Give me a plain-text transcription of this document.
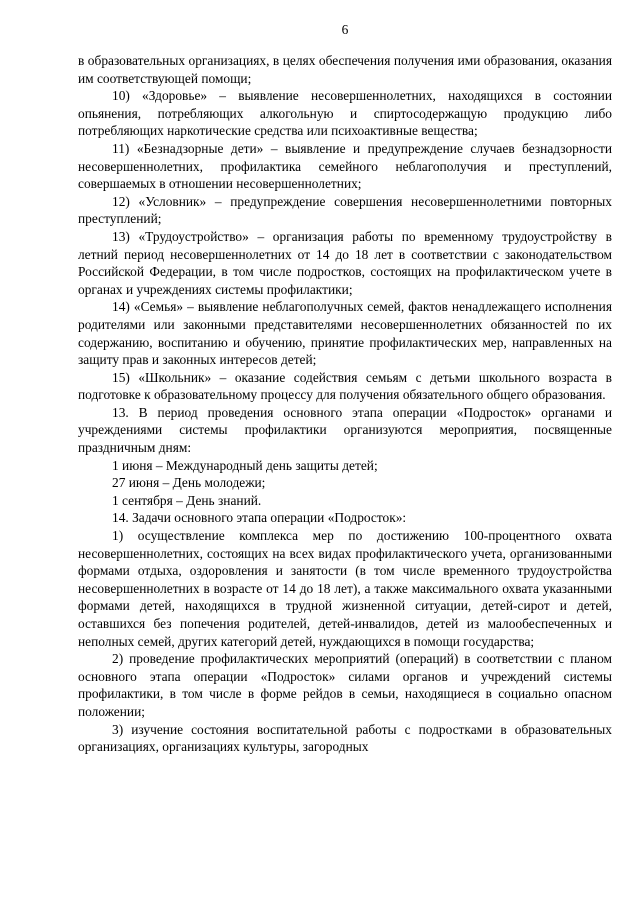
6

в образовательных организациях, в целях обеспечения получения ими образования, оказания им соответствующей помощи;

10) «Здоровье» – выявление несовершеннолетних, находящихся в состоянии опьянения, потребляющих алкогольную и спиртосодержащую продукцию либо потребляющих наркотические средства или психоактивные вещества;

11) «Безнадзорные дети» – выявление и предупреждение случаев безнадзорности несовершеннолетних, профилактика семейного неблагополучия и преступлений, совершаемых в отношении несовершеннолетних;

12) «Условник» – предупреждение совершения несовершеннолетними повторных преступлений;

13) «Трудоустройство» – организация работы по временному трудоустройству в летний период несовершеннолетних от 14 до 18 лет в соответствии с законодательством Российской Федерации, в том числе подростков, состоящих на профилактическом учете в органах и учреждениях системы профилактики;

14) «Семья» – выявление неблагополучных семей, фактов ненадлежащего исполнения родителями или законными представителями несовершеннолетних обязанностей по их содержанию, воспитанию и обучению, принятие профилактических мер, направленных на защиту прав и законных интересов детей;

15) «Школьник» – оказание содействия семьям с детьми школьного возраста в подготовке к образовательному процессу для получения обязательного общего образования.

13. В период проведения основного этапа операции «Подросток» органами и учреждениями системы профилактики организуются мероприятия, посвященные праздничным дням:

1 июня – Международный день защиты детей;

27 июня – День молодежи;

1 сентября – День знаний.

14. Задачи основного этапа операции «Подросток»:

1) осуществление комплекса мер по достижению 100-процентного охвата несовершеннолетних, состоящих на всех видах профилактического учета, организованными формами отдыха, оздоровления и занятости (в том числе временного трудоустройства несовершеннолетних в возрасте от 14 до 18 лет), а также максимального охвата указанными формами детей, находящихся в трудной жизненной ситуации, детей-сирот и детей, оставшихся без попечения родителей, детей-инвалидов, детей из малообеспеченных и неполных семей, других категорий детей, нуждающихся в помощи государства;

2) проведение профилактических мероприятий (операций) в соответствии с планом основного этапа операции «Подросток» силами органов и учреждений системы профилактики, в том числе в форме рейдов в семьи, находящиеся в социально опасном положении;

3) изучение состояния воспитательной работы с подростками в образовательных организациях, организациях культуры, загородных
